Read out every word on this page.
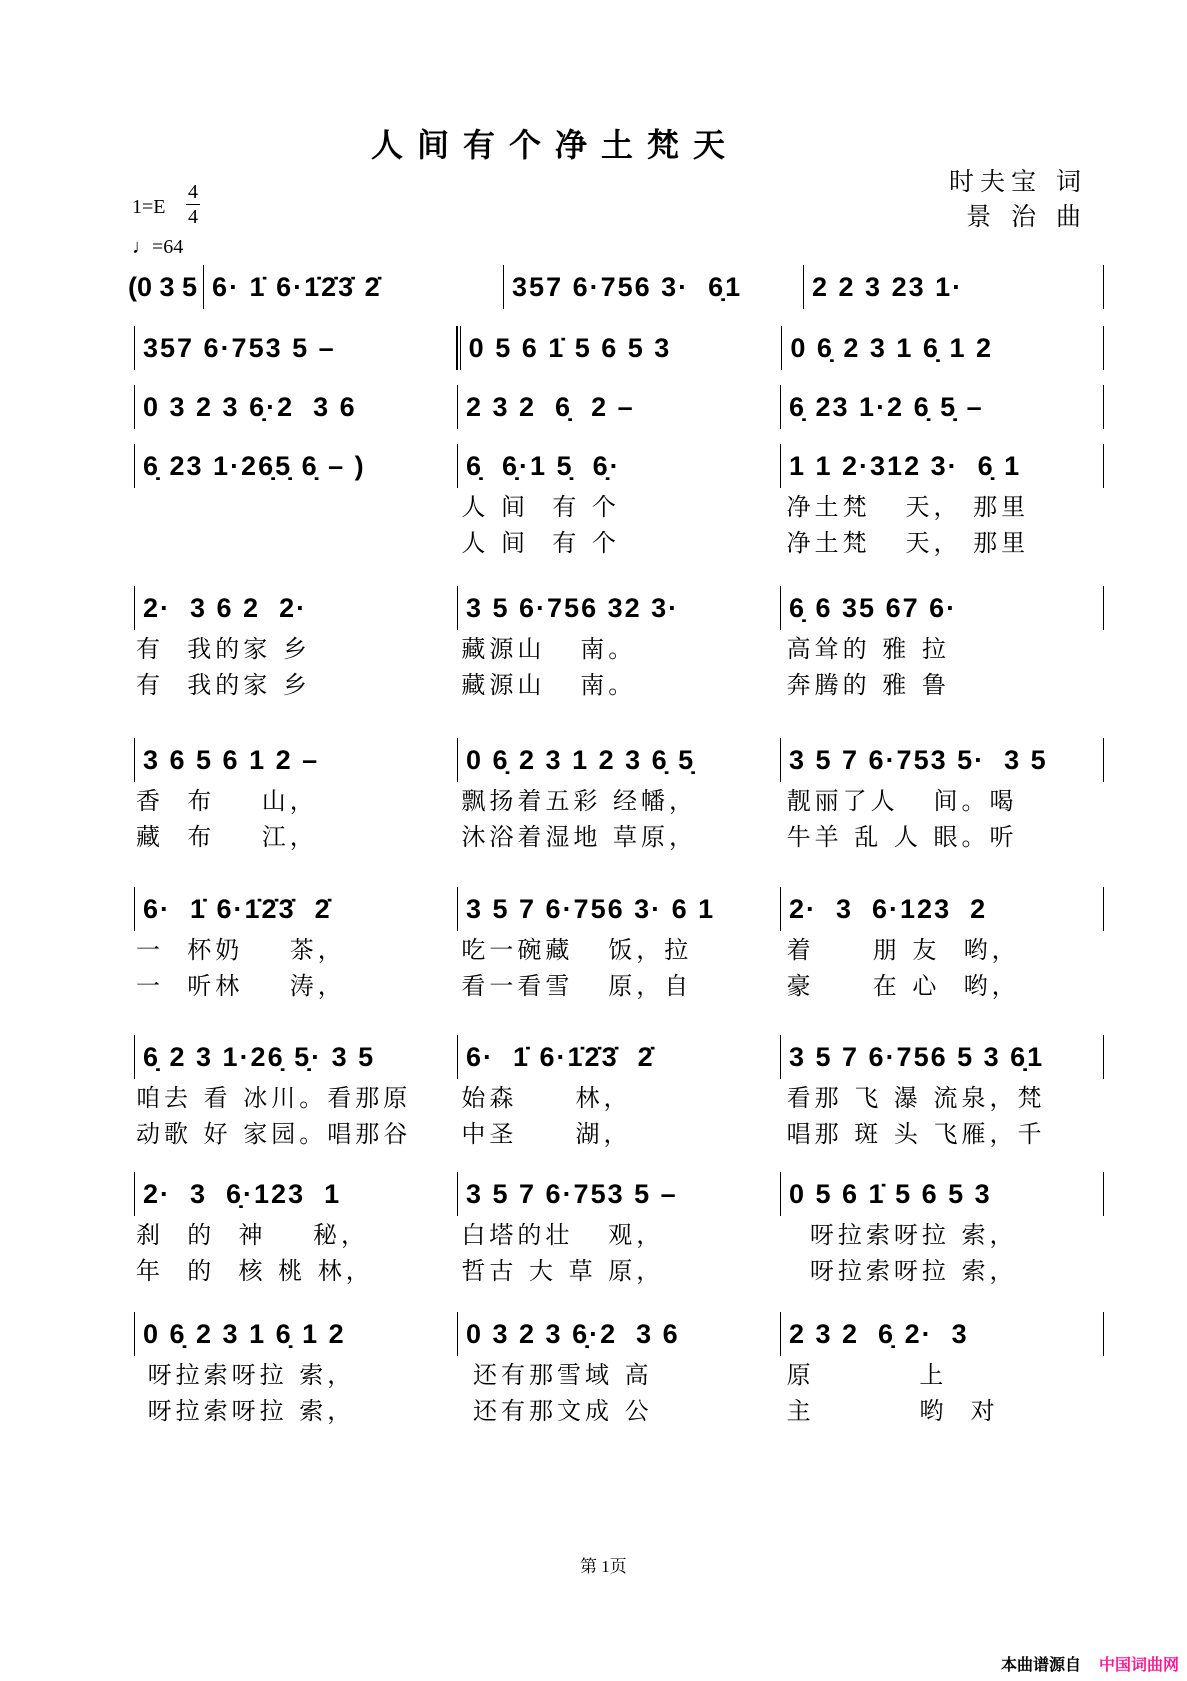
人间有个净土梵天
时夫宝 词
景 治 曲
1=E
4
4
♩=64
(0 3 5 6· 1̇ 6·1̇2̇3̇ 2̇	357 6·756 3·  6̣1	2 2 3 23 1·
357 6·753 5 –	0 5 6 1̇ 5 6 5 3	0 6̣ 2 3 1 6̣ 1 2
0 3 2 3 6̣·2  3 6	2 3 2  6̣  2 –	6̣ 23 1·2 6̣ 5̣ –
6̣ 23 1·26̣5̣ 6̣ – )	6̣  6̣·1 5̣  6̣·	1 1 2·312 3·  6̣ 1
人 间  有 个	净土梵   天， 那里
人 间  有 个	净土梵   天， 那里
2·  3 6 2  2·	3 5 6·756 32 3·	6̣ 6 35 67 6·
有  我的家 乡	藏源山   南。	高耸的 雅 拉
有  我的家 乡	藏源山   南。	奔腾的 雅 鲁
3 6 5 6 1 2 –	0 6̣ 2 3 1 2 3 6̣ 5̣	3 5 7 6·753 5·  3 5
香  布    山，	飘扬着五彩 经幡，	靓丽了人   间。喝
藏  布    江，	沐浴着湿地 草原，	牛羊 乱 人 眼。听
6·  1̇ 6·1̇2̇3̇  2̇	3 5 7 6·756 3· 6 1	2·  3  6·123  2
一  杯奶    茶，	吃一碗藏   饭，拉	着     朋 友  哟，
一  听林    涛，	看一看雪   原，自	豪     在 心  哟，
6̣ 2 3 1·26̣ 5̣· 3 5	6·  1̇ 6·1̇2̇3̇  2̇	3 5 7 6·756 5 3 6̣1
咱去 看 冰川。看那原	始森     林，	看那 飞 瀑 流泉，梵
动歌 好 家园。唱那谷	中圣     湖，	唱那 斑 头 飞雁，千
2·  3  6̣·123  1	3 5 7 6·753 5 –	0 5 6 1̇ 5 6 5 3
刹  的  神    秘，	白塔的壮   观，	呀拉索呀拉 索，
年  的  核 桃 林，	哲古 大 草 原，	呀拉索呀拉 索，
0 6̣ 2 3 1 6̣ 1 2	0 3 2 3 6̣·2  3 6	2 3 2  6̣ 2·  3
呀拉索呀拉 索，	还有那雪域 高	原         上
呀拉索呀拉 索，	还有那文成 公	主         哟  对
第 1页
本曲谱源自 中国词曲网
